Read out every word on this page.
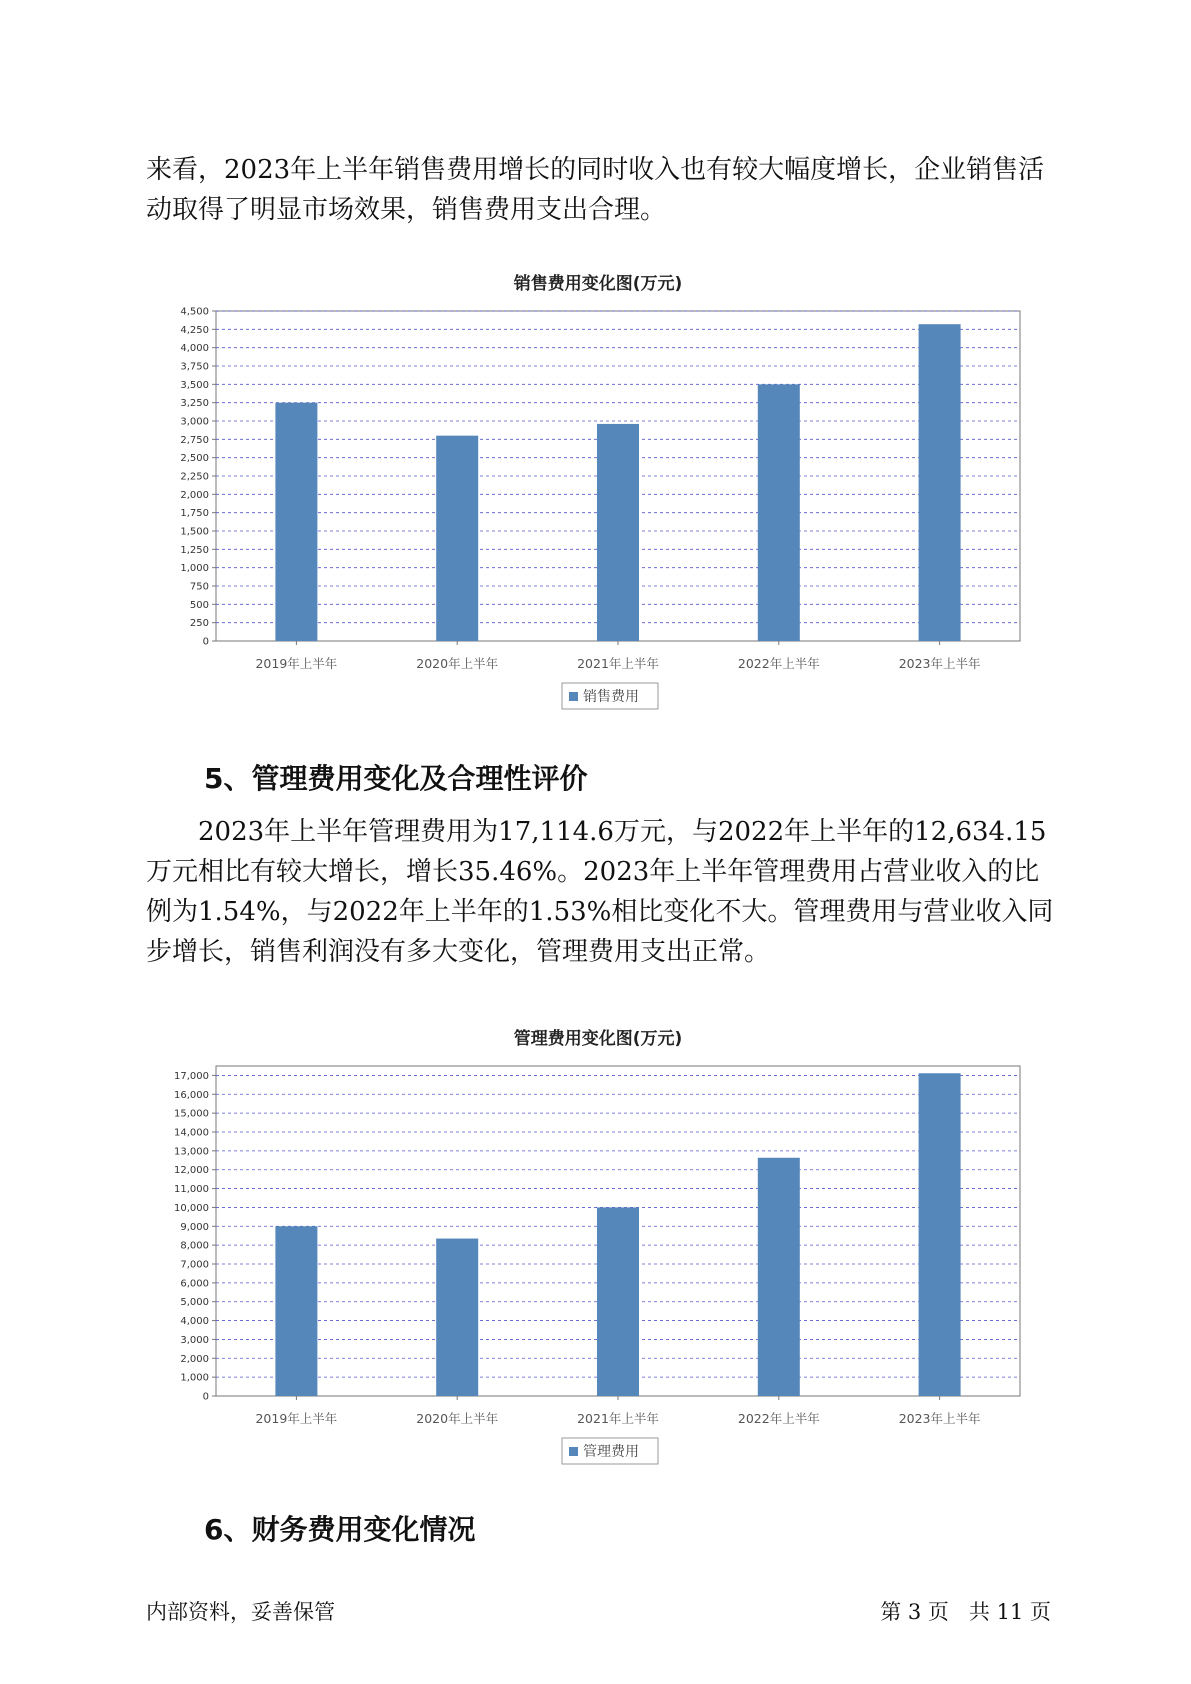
来看，2023年上半年销售费用增长的同时收入也有较大幅度增长，企业销售活动取得了明显市场效果，销售费用支出合理。

销售费用变化图(万元)
0
250
500
750
1,000
1,250
1,500
1,750
2,000
2,250
2,500
2,750
3,000
3,250
3,500
3,750
4,000
4,250
4,500
2019年上半年	2020年上半年	2021年上半年	2022年上半年	2023年上半年
销售费用
5、管理费用变化及合理性评价

2023年上半年管理费用为17,114.6万元，与2022年上半年的12,634.15万元相比有较大增长，增长35.46%。2023年上半年管理费用占营业收入的比例为1.54%，与2022年上半年的1.53%相比变化不大。管理费用与营业收入同步增长，销售利润没有多大变化，管理费用支出正常。

管理费用变化图(万元)
0
1,000
2,000
3,000
4,000
5,000
6,000
7,000
8,000
9,000
10,000
11,000
12,000
13,000
14,000
15,000
16,000
17,000
2019年上半年	2020年上半年	2021年上半年	2022年上半年	2023年上半年
管理费用
6、财务费用变化情况
内部资料，妥善保管	第 3 页   共 11 页
